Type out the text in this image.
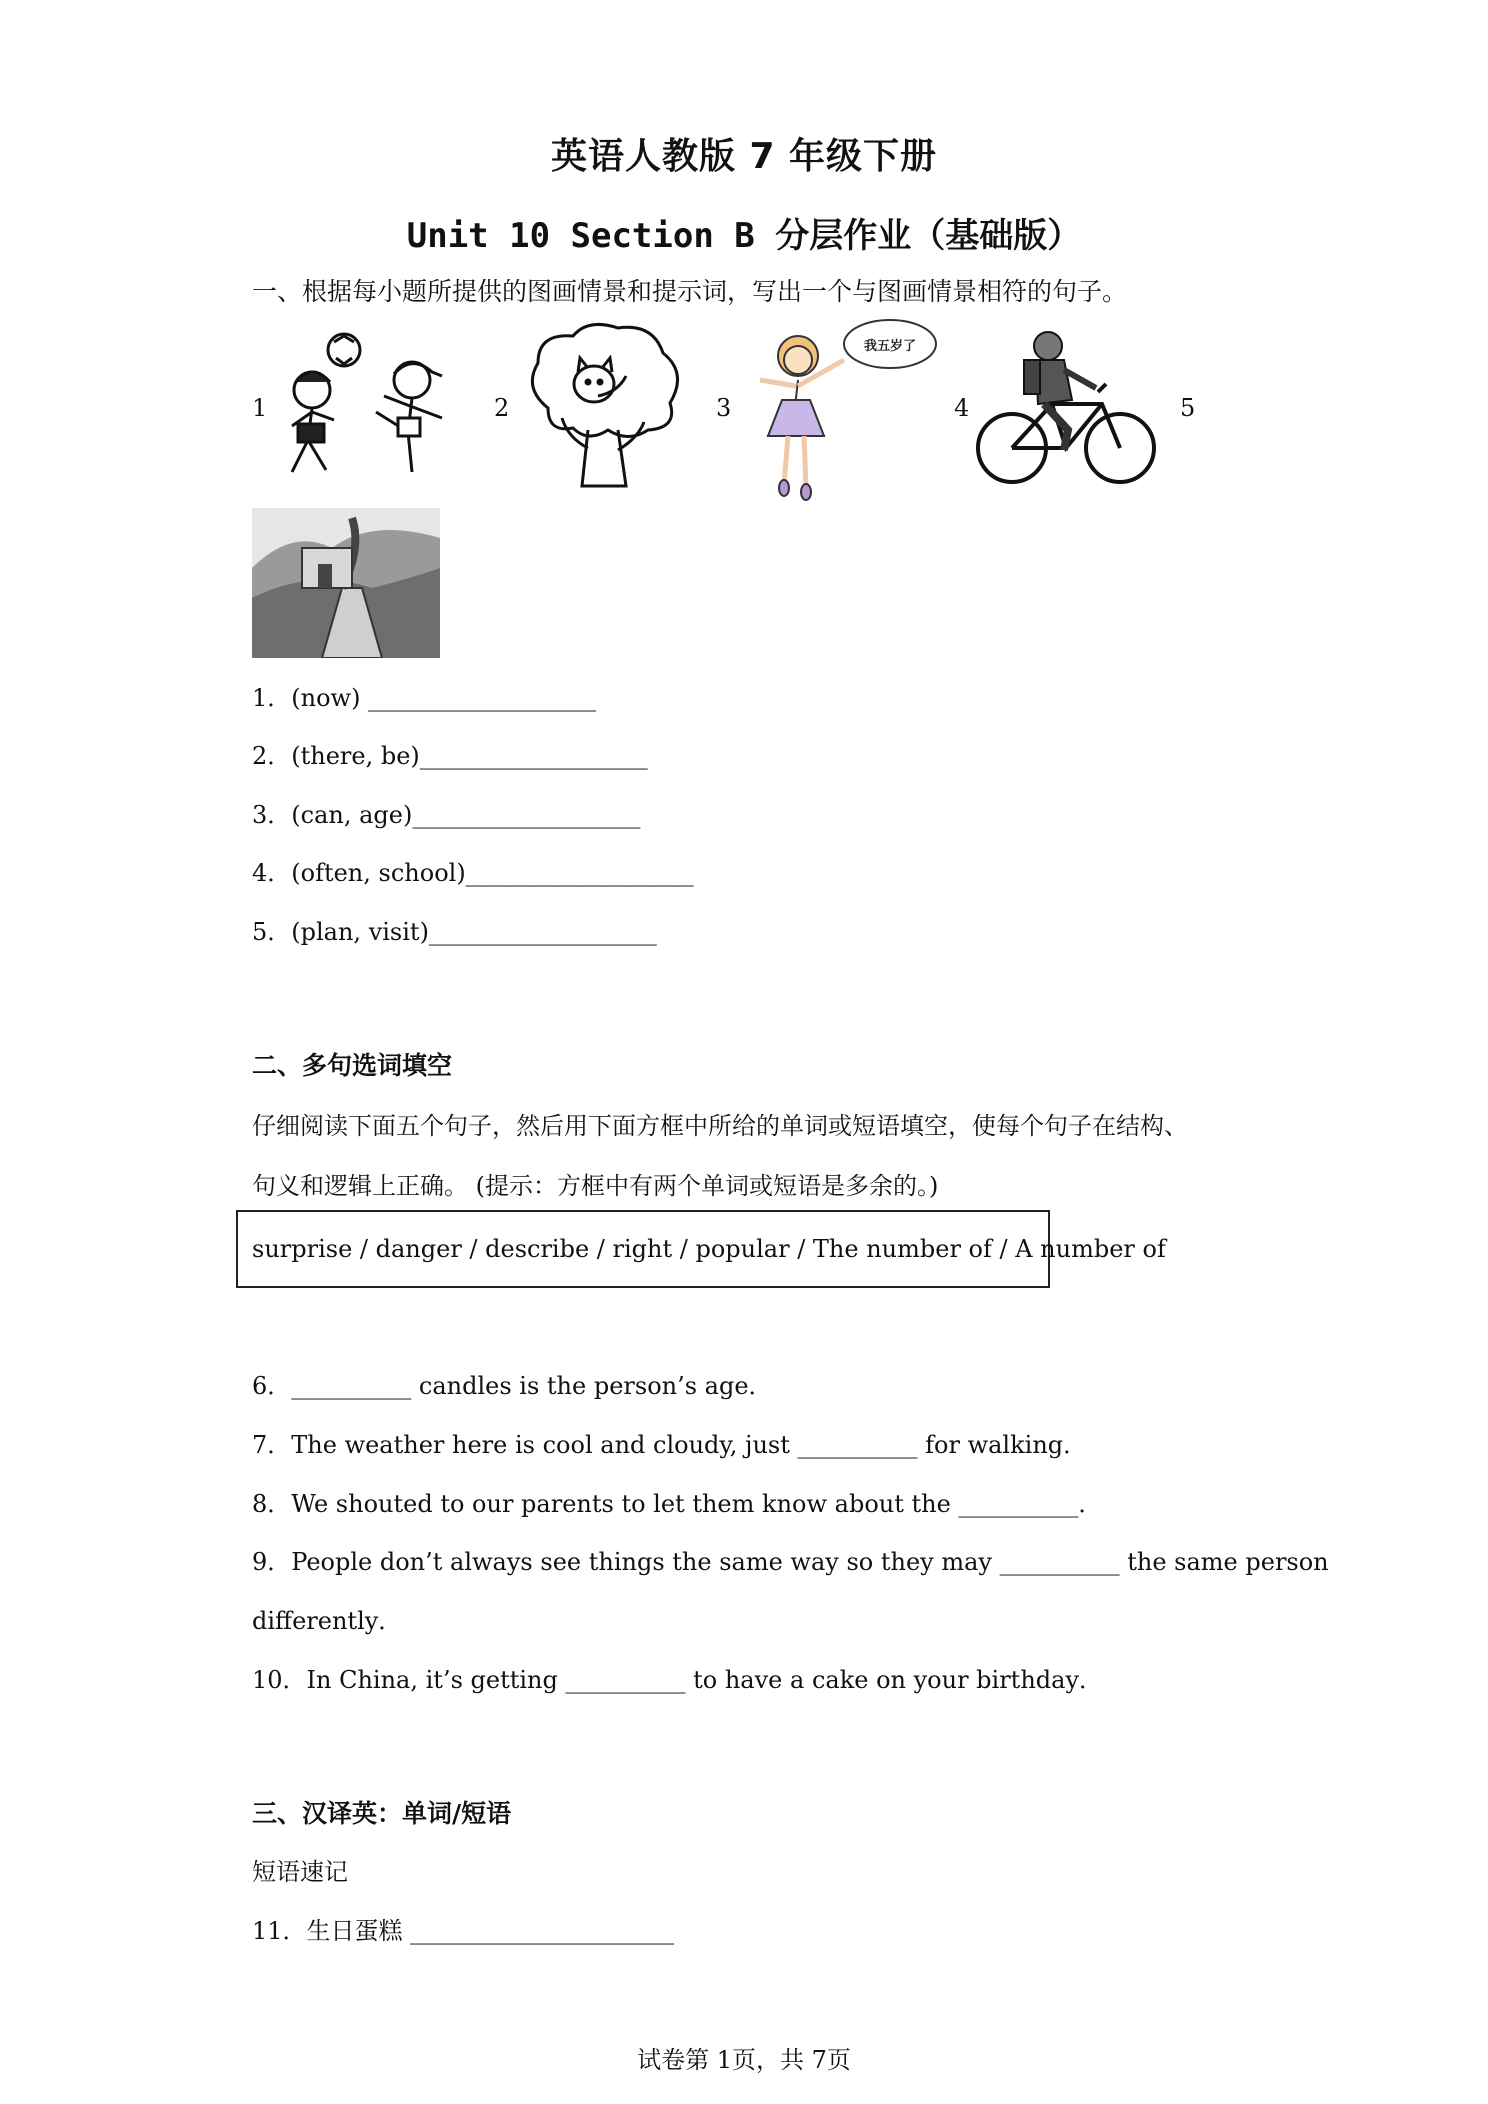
英语人教版 7 年级下册
Unit 10 Section B 分层作业（基础版）
一、根据每小题所提供的图画情景和提示词，写出一个与图画情景相符的句子。
1	2	3	4	5
我五岁了
1．(now) ___________________
2．(there, be)___________________
3．(can, age)___________________
4．(often, school)___________________
5．(plan, visit)___________________
二、多句选词填空
仔细阅读下面五个句子，然后用下面方框中所给的单词或短语填空，使每个句子在结构、
句义和逻辑上正确。 (提示：方框中有两个单词或短语是多余的。)
surprise / danger / describe / right / popular / The number of / A number of
6．__________ candles is the person’s age．
7．The weather here is cool and cloudy, just __________ for walking．
8．We shouted to our parents to let them know about the __________．
9．People don’t always see things the same way so they may __________ the same person
differently．
10．In China, it’s getting __________ to have a cake on your birthday．
三、汉译英：单词/短语
短语速记
11．生日蛋糕 ______________________
试卷第 1页，共 7页
